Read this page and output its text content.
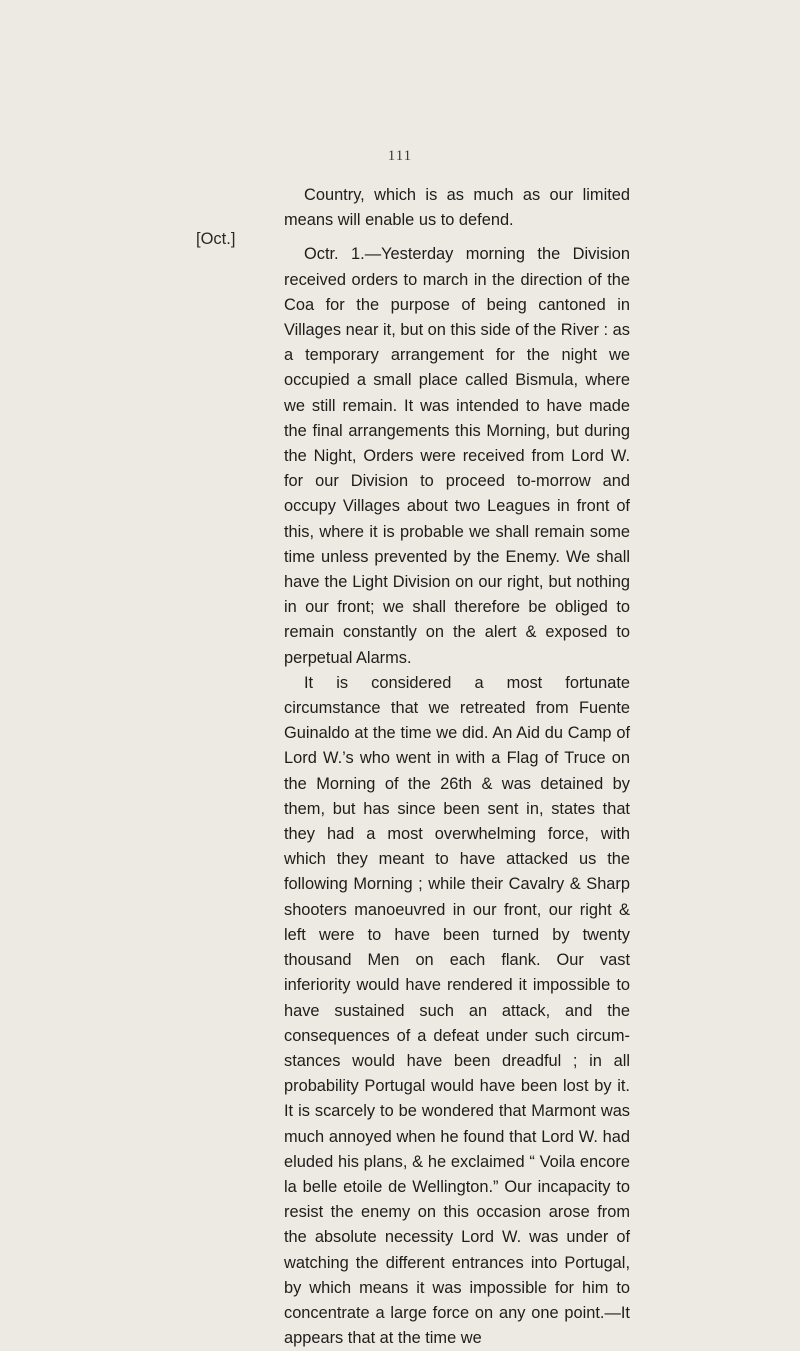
111
[Oct.]

Country, which is as much as our limited means will enable us to defend.

Octr. 1.—Yesterday morning the Division received orders to march in the direction of the Coa for the purpose of being cantoned in Villages near it, but on this side of the River : as a temporary arrangement for the night we occupied a small place called Bismula, where we still remain. It was intended to have made the final arrangements this Morning, but during the Night, Orders were received from Lord W. for our Division to proceed to-morrow and occupy Villages about two Leagues in front of this, where it is probable we shall remain some time unless prevented by the Enemy. We shall have the Light Division on our right, but nothing in our front; we shall therefore be obliged to remain constantly on the alert & exposed to perpetual Alarms.

It is considered a most fortunate circumstance that we retreated from Fuente Guinaldo at the time we did. An Aid du Camp of Lord W.’s who went in with a Flag of Truce on the Morning of the 26th & was detained by them, but has since been sent in, states that they had a most overwhelming force, with which they meant to have attacked us the following Morning ; while their Cavalry & Sharp shooters manoeuvred in our front, our right & left were to have been turned by twenty thousand Men on each flank. Our vast inferiority would have rendered it impossible to have sustained such an attack, and the consequences of a defeat under such circum- stances would have been dreadful ; in all probability Portugal would have been lost by it. It is scarcely to be wondered that Marmont was much annoyed when he found that Lord W. had eluded his plans, & he exclaimed “ Voila encore la belle etoile de Wellington.” Our incapacity to resist the enemy on this occasion arose from the absolute necessity Lord W. was under of watching the different entrances into Portugal, by which means it was impossible for him to concentrate a large force on any one point.—It appears that at the time we
